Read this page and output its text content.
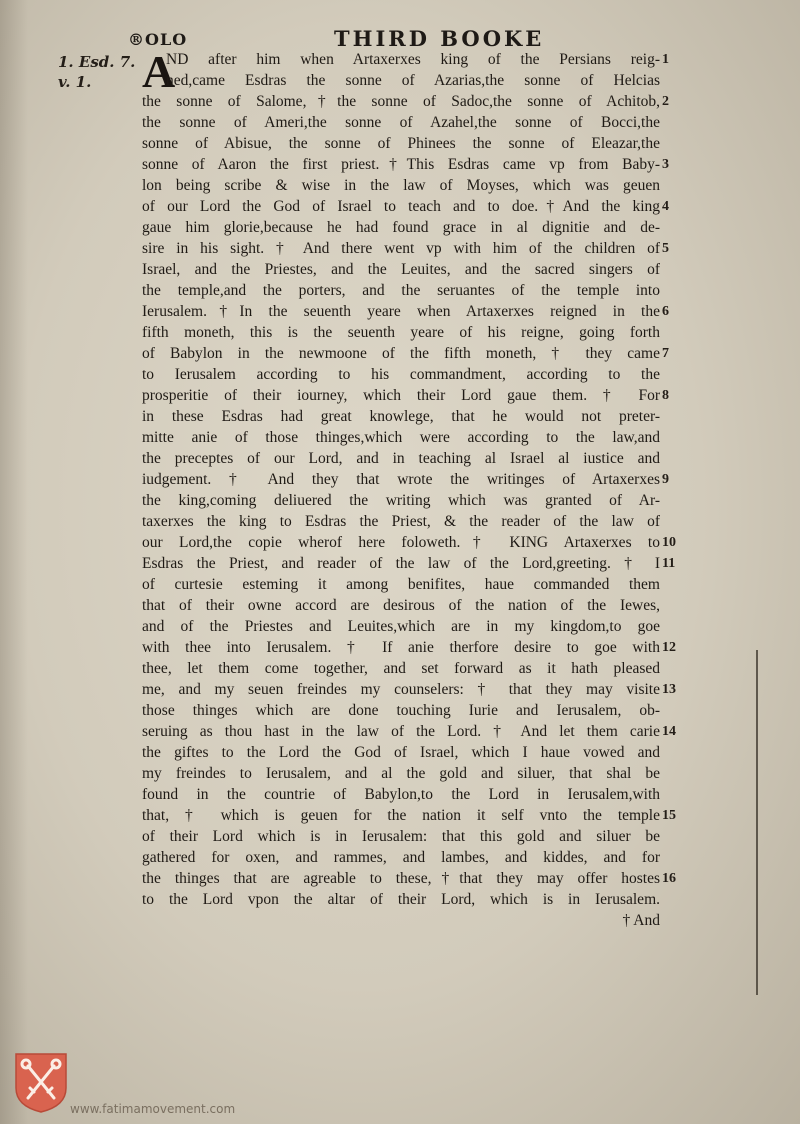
®OLO	THIRD BOOKE
1. Esd. 7.
v. 1.	A
ND after him when Artaxerxes king of the Persians reig-
ned,came Esdras the sonne of Azarias,the sonne of Helcias
the sonne of Salome,†the sonne of Sadoc,the sonne of Achitob,
the sonne of Ameri,the sonne of Azahel,the sonne of Bocci,the
sonne of Abisue, the sonne of Phinees the sonne of Eleazar,the
sonne of Aaron the first priest.†This Esdras came vp from Baby-
lon being scribe & wise in the law of Moyses, which was geuen
of our Lord the God of Israel to teach and to doe.†And the king
gaue him glorie,because he had found grace in al dignitie and de-
sire in his sight. † And there went vp with him of the children of
Israel, and the Priestes, and the Leuites, and the sacred singers of
the temple,and the porters, and the seruantes of the temple into
Ierusalem.†In the seuenth yeare when Artaxerxes reigned in the
fifth moneth, this is the seuenth yeare of his reigne, going forth
of Babylon in the newmoone of the fifth moneth, † they came
to Ierusalem according to his commandment, according to the
prosperitie of their iourney, which their Lord gaue them. † For
in these Esdras had great knowlege, that he would not preter-
mitte anie of those thinges,which were according to the law,and
the preceptes of our Lord, and in teaching al Israel al iustice and
iudgement. † And they that wrote the writinges of Artaxerxes
the king,coming deliuered the writing which was granted of Ar-
taxerxes the king to Esdras the Priest, & the reader of the law of
our Lord,the copie wherof here foloweth.† KING Artaxerxes to
Esdras the Priest, and reader of the law of the Lord,greeting. † I
of curtesie esteming it among benifites, haue commanded them
that of their owne accord are desirous of the nation of the Iewes,
and of the Priestes and Leuites,which are in my kingdom,to goe
with thee into Ierusalem. † If anie therfore desire to goe with
thee, let them come together, and set forward as it hath pleased
me, and my seuen freindes my counselers: † that they may visite
those thinges which are done touching Iurie and Ierusalem, ob-
seruing as thou hast in the law of the Lord. † And let them carie
the giftes to the Lord the God of Israel, which I haue vowed and
my freindes to Ierusalem, and al the gold and siluer, that shal be
found in the countrie of Babylon,to the Lord in Ierusalem,with
that, † which is geuen for the nation it self vnto the temple
of their Lord which is in Ierusalem: that this gold and siluer be
gathered for oxen, and rammes, and lambes, and kiddes, and for
the thinges that are agreable to these,†that they may offer hostes
to the Lord vpon the altar of their Lord, which is in Ierusalem.
† And
1
2
3
4
5
6
7
8
9
10
11
12
13
14
15
16
www.fatimamovement.com
